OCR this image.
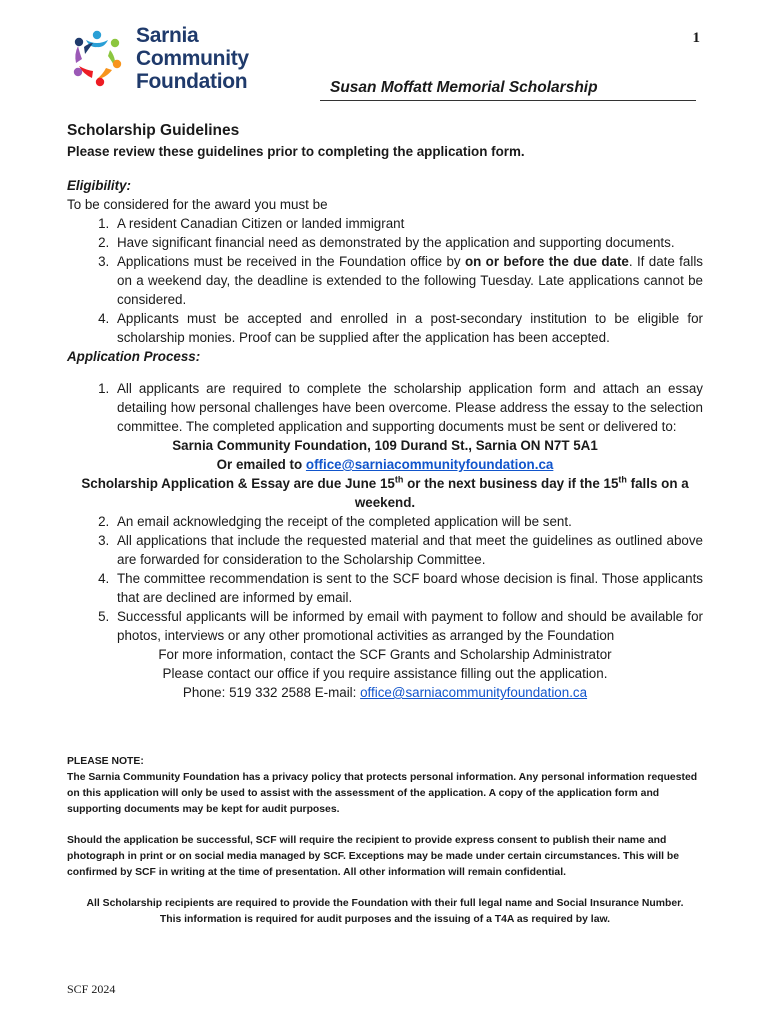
1
Sarnia
Community
Foundation	Susan Moffatt Memorial Scholarship

Scholarship Guidelines

Please review these guidelines prior to completing the application form.

Eligibility:
To be considered for the award you must be
1. A resident Canadian Citizen or landed immigrant
2. Have significant financial need as demonstrated by the application and supporting documents.
3. Applications must be received in the Foundation office by on or before the due date. If date falls on a weekend day, the deadline is extended to the following Tuesday. Late applications cannot be considered.
4. Applicants must be accepted and enrolled in a post-secondary institution to be eligible for scholarship monies. Proof can be supplied after the application has been accepted.
Application Process:
1. All applicants are required to complete the scholarship application form and attach an essay detailing how personal challenges have been overcome. Please address the essay to the selection committee. The completed application and supporting documents must be sent or delivered to:
Sarnia Community Foundation, 109 Durand St., Sarnia ON N7T 5A1
Or emailed to office@sarniacommunityfoundation.ca
Scholarship Application & Essay are due June 15th or the next business day if the 15th falls on a weekend.
2. An email acknowledging the receipt of the completed application will be sent.
3. All applications that include the requested material and that meet the guidelines as outlined above are forwarded for consideration to the Scholarship Committee.
4. The committee recommendation is sent to the SCF board whose decision is final. Those applicants that are declined are informed by email.
5. Successful applicants will be informed by email with payment to follow and should be available for photos, interviews or any other promotional activities as arranged by the Foundation
For more information, contact the SCF Grants and Scholarship Administrator
Please contact our office if you require assistance filling out the application.
Phone: 519 332 2588 E-mail: office@sarniacommunityfoundation.ca

PLEASE NOTE:

The Sarnia Community Foundation has a privacy policy that protects personal information. Any personal information requested on this application will only be used to assist with the assessment of the application. A copy of the application form and supporting documents may be kept for audit purposes.

Should the application be successful, SCF will require the recipient to provide express consent to publish their name and photograph in print or on social media managed by SCF. Exceptions may be made under certain circumstances. This will be confirmed by SCF in writing at the time of presentation. All other information will remain confidential.

All Scholarship recipients are required to provide the Foundation with their full legal name and Social Insurance Number. This information is required for audit purposes and the issuing of a T4A as required by law.

SCF 2024
